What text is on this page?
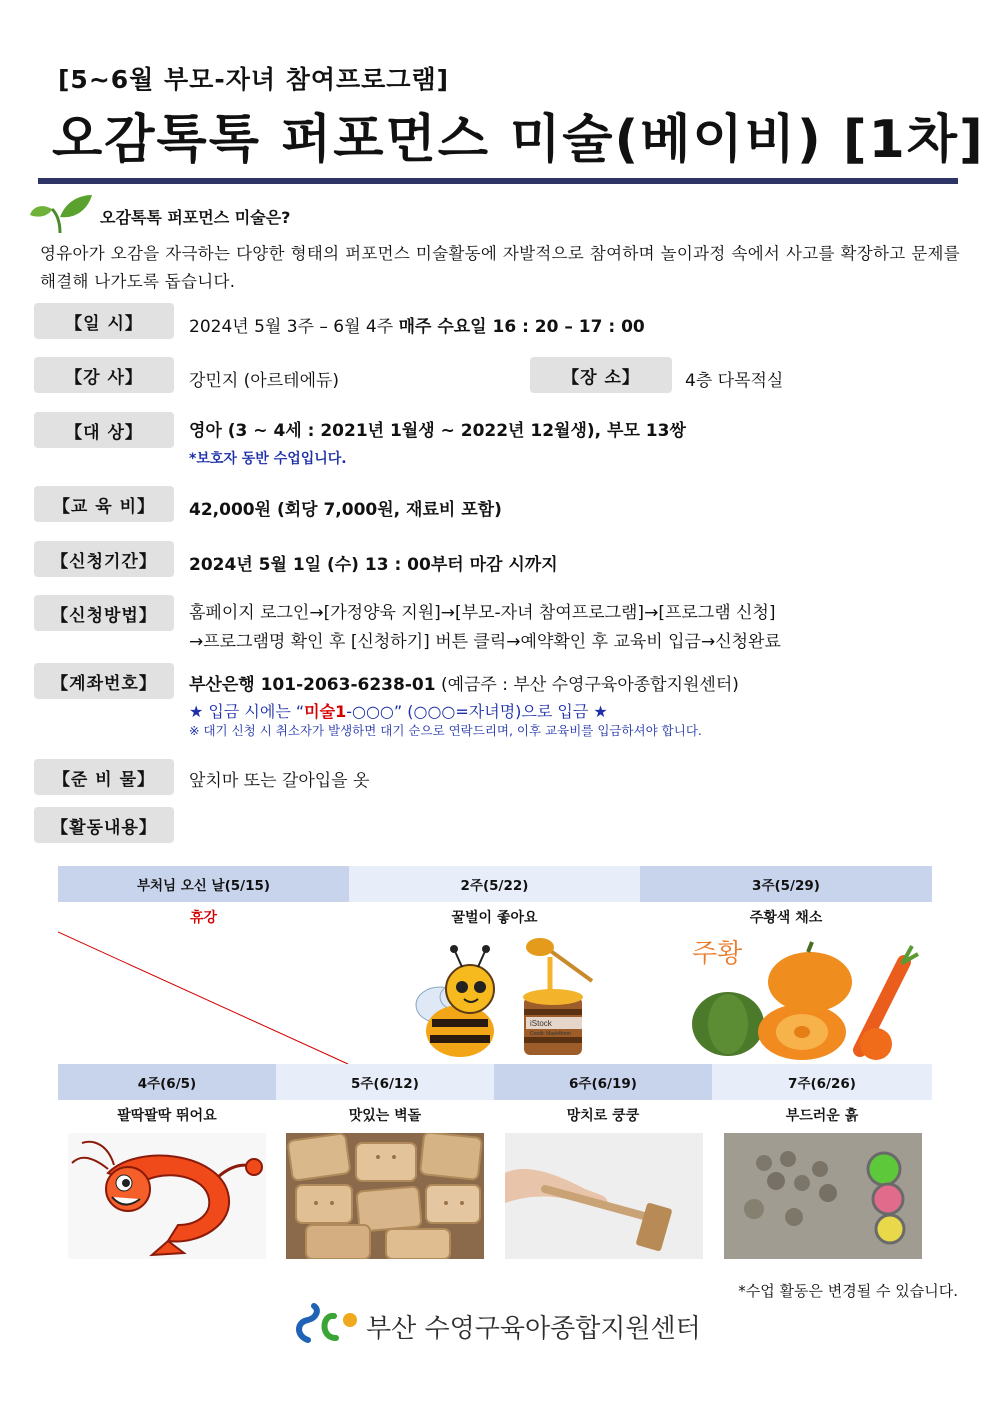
[5~6월 부모-자녀 참여프로그램]
오감톡톡 퍼포먼스 미술(베이비) [1차]
오감톡톡 퍼포먼스 미술은?
영유아가 오감을 자극하는 다양한 형태의 퍼포먼스 미술활동에 자발적으로 참여하며 놀이과정 속에서 사고를 확장하고 문제를 해결해 나가도록 돕습니다.
【일 시】	2024년 5월 3주 – 6월 4주 매주 수요일 16 : 20 – 17 : 00
【강 사】	강민지 (아르테에듀)	【장 소】	4층 다목적실
【대 상】	영아 (3 ~ 4세 : 2021년 1월생 ~ 2022년 12월생), 부모 13쌍
*보호자 동반 수업입니다.
【교 육 비】	42,000원 (회당 7,000원, 재료비 포함)
【신청기간】	2024년 5월 1일 (수) 13 : 00부터 마감 시까지
【신청방법】	홈페이지 로그인→[가정양육 지원]→[부모-자녀 참여프로그램]→[프로그램 신청]
→프로그램명 확인 후 [신청하기] 버튼 클릭→예약확인 후 교육비 입금→신청완료
【계좌번호】	부산은행 101-2063-6238-01 (예금주 : 부산 수영구육아종합지원센터)
★ 입금 시에는 “미술1-○○○” (○○○=자녀명)으로 입금 ★
※ 대기 신청 시 취소자가 발생하면 대기 순으로 연락드리며, 이후 교육비를 입금하셔야 합니다.
【준 비 물】	앞치마 또는 갈아입을 옷
【활동내용】
부처님 오신 날(5/15)	2주(5/22)	3주(5/29)
휴강	꿀벌이 좋아요	주황색 채소
iStock
Credit: Mask4form
주황
4주(6/5)	5주(6/12)	6주(6/19)	7주(6/26)
팔딱팔딱 뛰어요	맛있는 벽돌	망치로 쿵쿵	부드러운 흙
*수업 활동은 변경될 수 있습니다.
부산 수영구육아종합지원센터
